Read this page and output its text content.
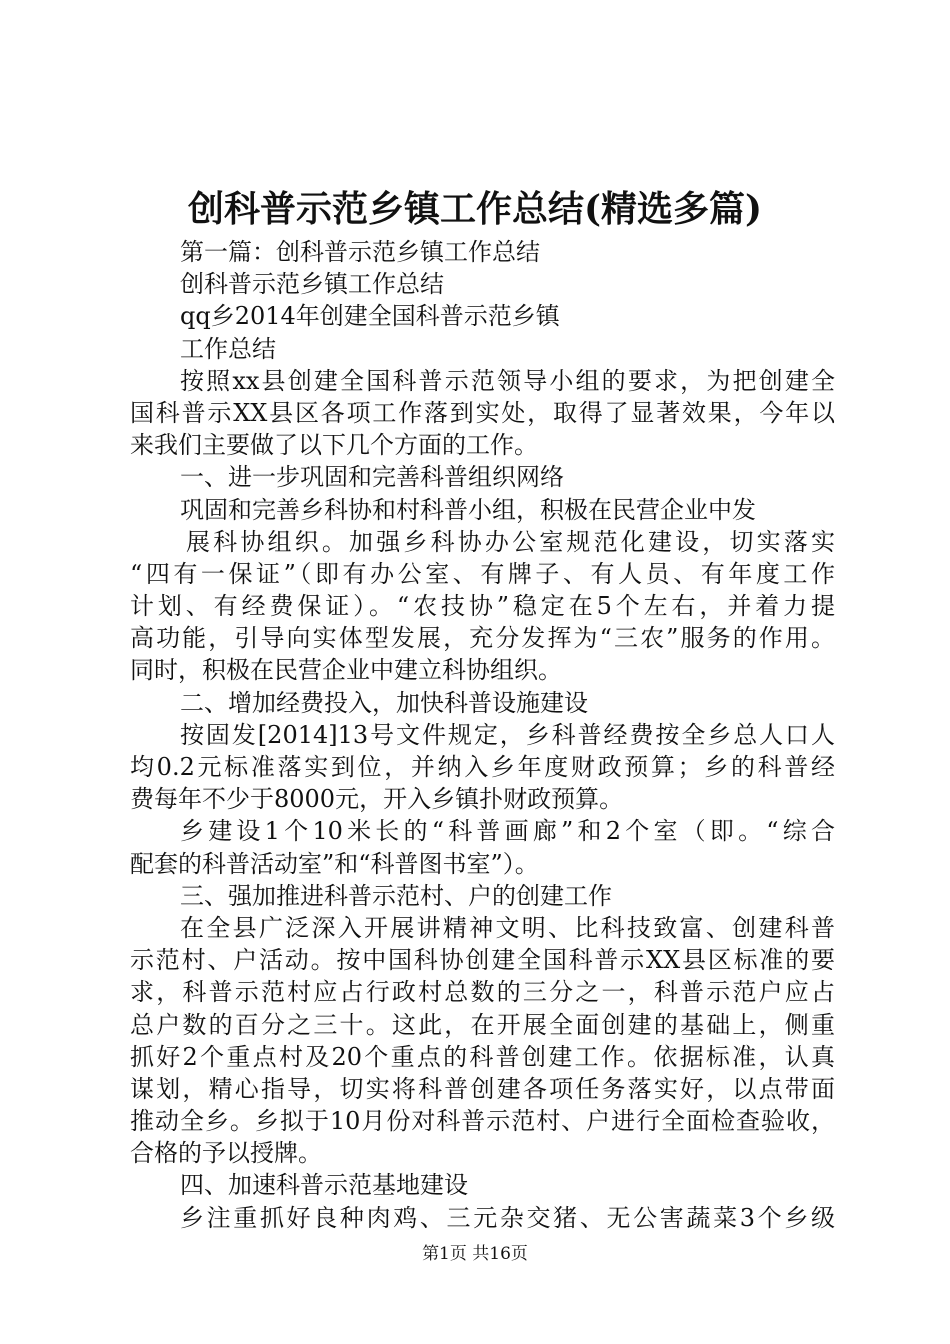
创科普示范乡镇工作总结(精选多篇)
第一篇：创科普示范乡镇工作总结
创科普示范乡镇工作总结
qq乡2014年创建全国科普示范乡镇
工作总结
按照xx县创建全国科普示范领导小组的要求，为把创建全
国科普示XX县区各项工作落到实处，取得了显著效果，今年以
来我们主要做了以下几个方面的工作。
一、进一步巩固和完善科普组织网络
巩固和完善乡科协和村科普小组，积极在民营企业中发
展科协组织。加强乡科协办公室规范化建设，切实落实
“四有一保证”（即有办公室、有牌子、有人员、有年度工作
计划、有经费保证）。“农技协”稳定在5个左右，并着力提
高功能，引导向实体型发展，充分发挥为“三农”服务的作用。
同时，积极在民营企业中建立科协组织。
二、增加经费投入，加快科普设施建设
按固发[2014]13号文件规定，乡科普经费按全乡总人口人
均0.2元标准落实到位，并纳入乡年度财政预算；乡的科普经
费每年不少于8000元，开入乡镇扑财政预算。
乡建设1个10米长的“科普画廊”和2个室（即。“综合
配套的科普活动室”和“科普图书室”）。
三、强加推进科普示范村、户的创建工作
在全县广泛深入开展讲精神文明、比科技致富、创建科普
示范村、户活动。按中国科协创建全国科普示XX县区标准的要
求，科普示范村应占行政村总数的三分之一，科普示范户应占
总户数的百分之三十。这此，在开展全面创建的基础上，侧重
抓好2个重点村及20个重点的科普创建工作。依据标准，认真
谋划，精心指导，切实将科普创建各项任务落实好，以点带面
推动全乡。乡拟于10月份对科普示范村、户进行全面检查验收，
合格的予以授牌。
四、加速科普示范基地建设
乡注重抓好良种肉鸡、三元杂交猪、无公害蔬菜3个乡级
第1页 共16页
